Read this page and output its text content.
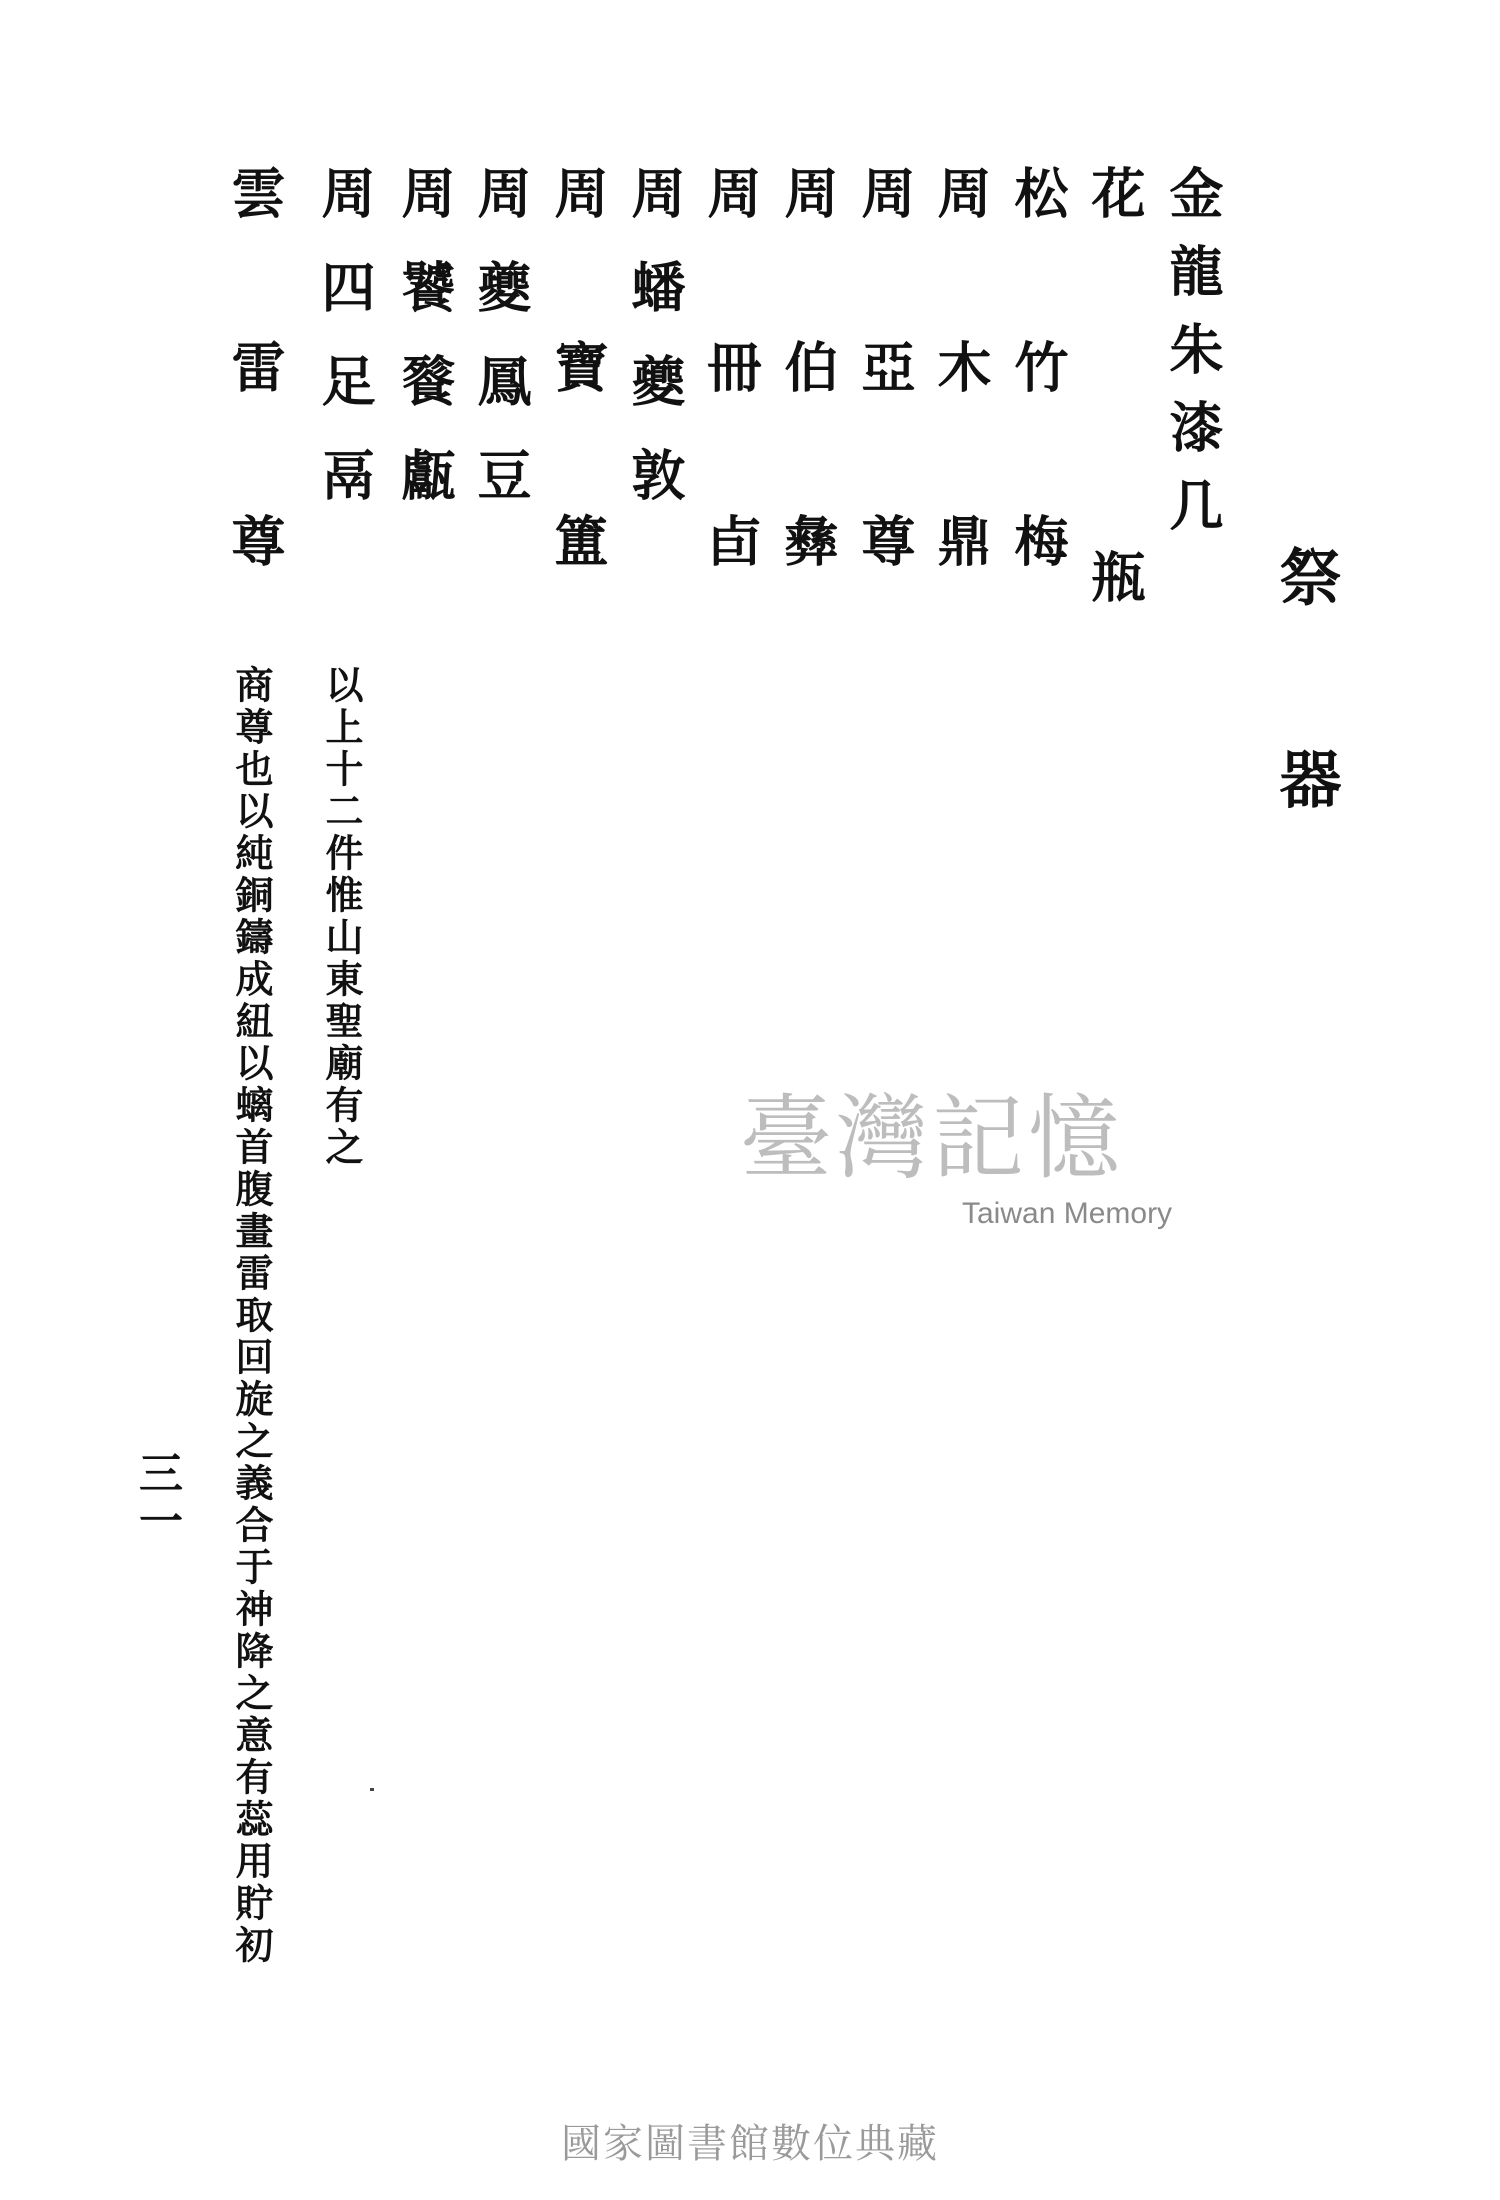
祭器
金龍朱漆几
花瓶
松竹梅
周木鼎
周亞尊
周伯彝
周冊卣
周蟠夔敦
周寶簠
周夔鳳豆
周饕餮甗
周四足鬲
雲雷尊
以上十二件惟山東聖廟有之
商尊也以純銅鑄成紐以螭首腹畫雷取回旋之義合于神降之意有蕊用貯初
三一
臺灣記憶
Taiwan Memory
國家圖書館數位典藏
